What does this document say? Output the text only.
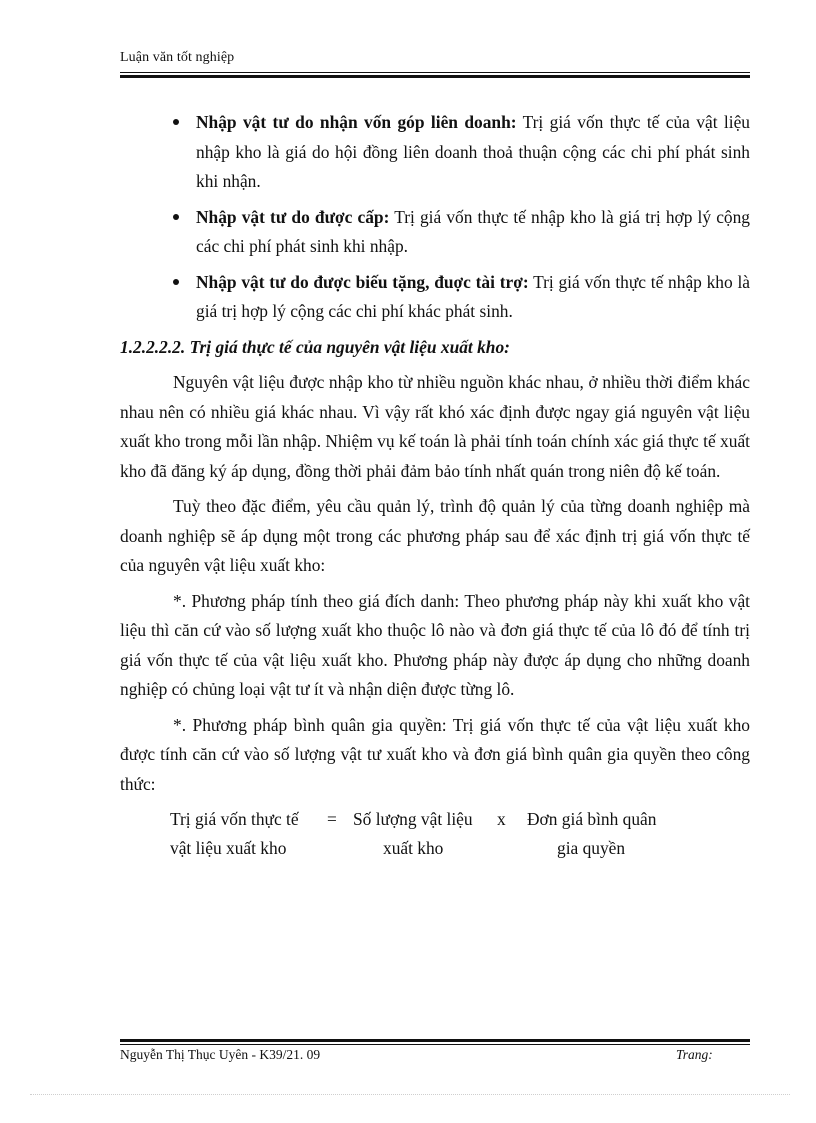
Luận văn tốt nghiệp
Nhập vật tư do nhận vốn góp liên doanh: Trị giá vốn thực tế của vật liệu nhập kho là giá do hội đồng liên doanh thoả thuận cộng các chi phí phát sinh khi nhận.
Nhập vật tư do được cấp: Trị giá vốn thực tế nhập kho là giá trị hợp lý cộng các chi phí phát sinh khi nhập.
Nhập vật tư do được biếu tặng, đuợc tài trợ: Trị giá vốn thực tế nhập kho là giá trị hợp lý cộng các chi phí khác phát sinh.
1.2.2.2.2. Trị giá thực tế của nguyên vật liệu xuất kho:
Nguyên vật liệu được nhập kho từ nhiều nguồn khác nhau, ở nhiều thời điểm khác nhau nên có nhiều giá khác nhau. Vì vậy rất khó xác định được ngay giá nguyên vật liệu xuất kho trong mỗi lần nhập. Nhiệm vụ kế toán là phải tính toán chính xác giá thực tế xuất kho đã đăng ký áp dụng, đồng thời phải đảm bảo tính nhất quán trong niên độ kế toán.
Tuỳ theo đặc điểm, yêu cầu quản lý, trình độ quản lý của từng doanh nghiệp mà doanh nghiệp sẽ áp dụng một trong các phương pháp sau để xác định trị giá vốn thực tế của nguyên vật liệu xuất kho:
*. Phương pháp tính theo giá đích danh: Theo phương pháp này khi xuất kho vật liệu thì căn cứ vào số lượng xuất kho thuộc lô nào và đơn giá thực tế của lô đó để tính trị giá vốn thực tế của vật liệu xuất kho. Phương pháp này được áp dụng cho những doanh nghiệp có chủng loại vật tư ít và nhận diện được từng lô.
*. Phương pháp bình quân gia quyền: Trị giá vốn thực tế của vật liệu xuất kho được tính căn cứ vào số lượng vật tư xuất kho và đơn giá bình quân gia quyền theo công thức:
Trị giá vốn thực tế = Số lượng vật liệu x Đơn giá bình quân
vật liệu xuất kho	xuất kho	gia quyền
Nguyễn Thị Thục Uyên - K39/21. 09	Trang:
